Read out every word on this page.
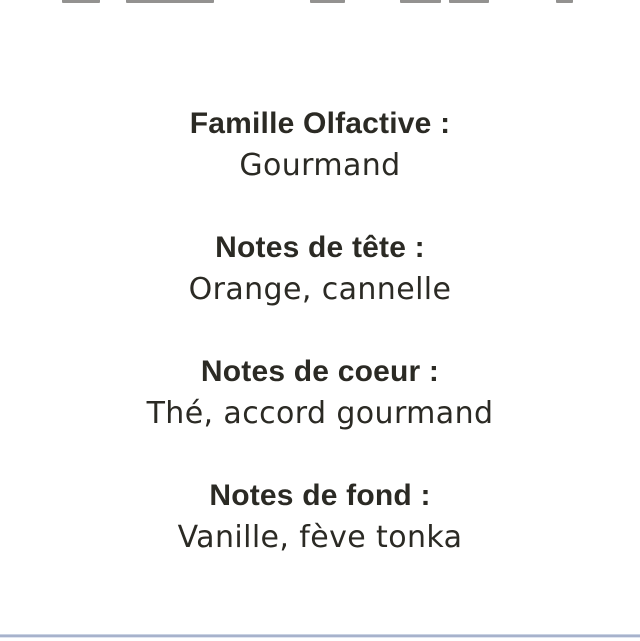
Famille Olfactive :
Gourmand
Notes de tête :
Orange, cannelle
Notes de coeur :
Thé, accord gourmand
Notes de fond :
Vanille, fève tonka
